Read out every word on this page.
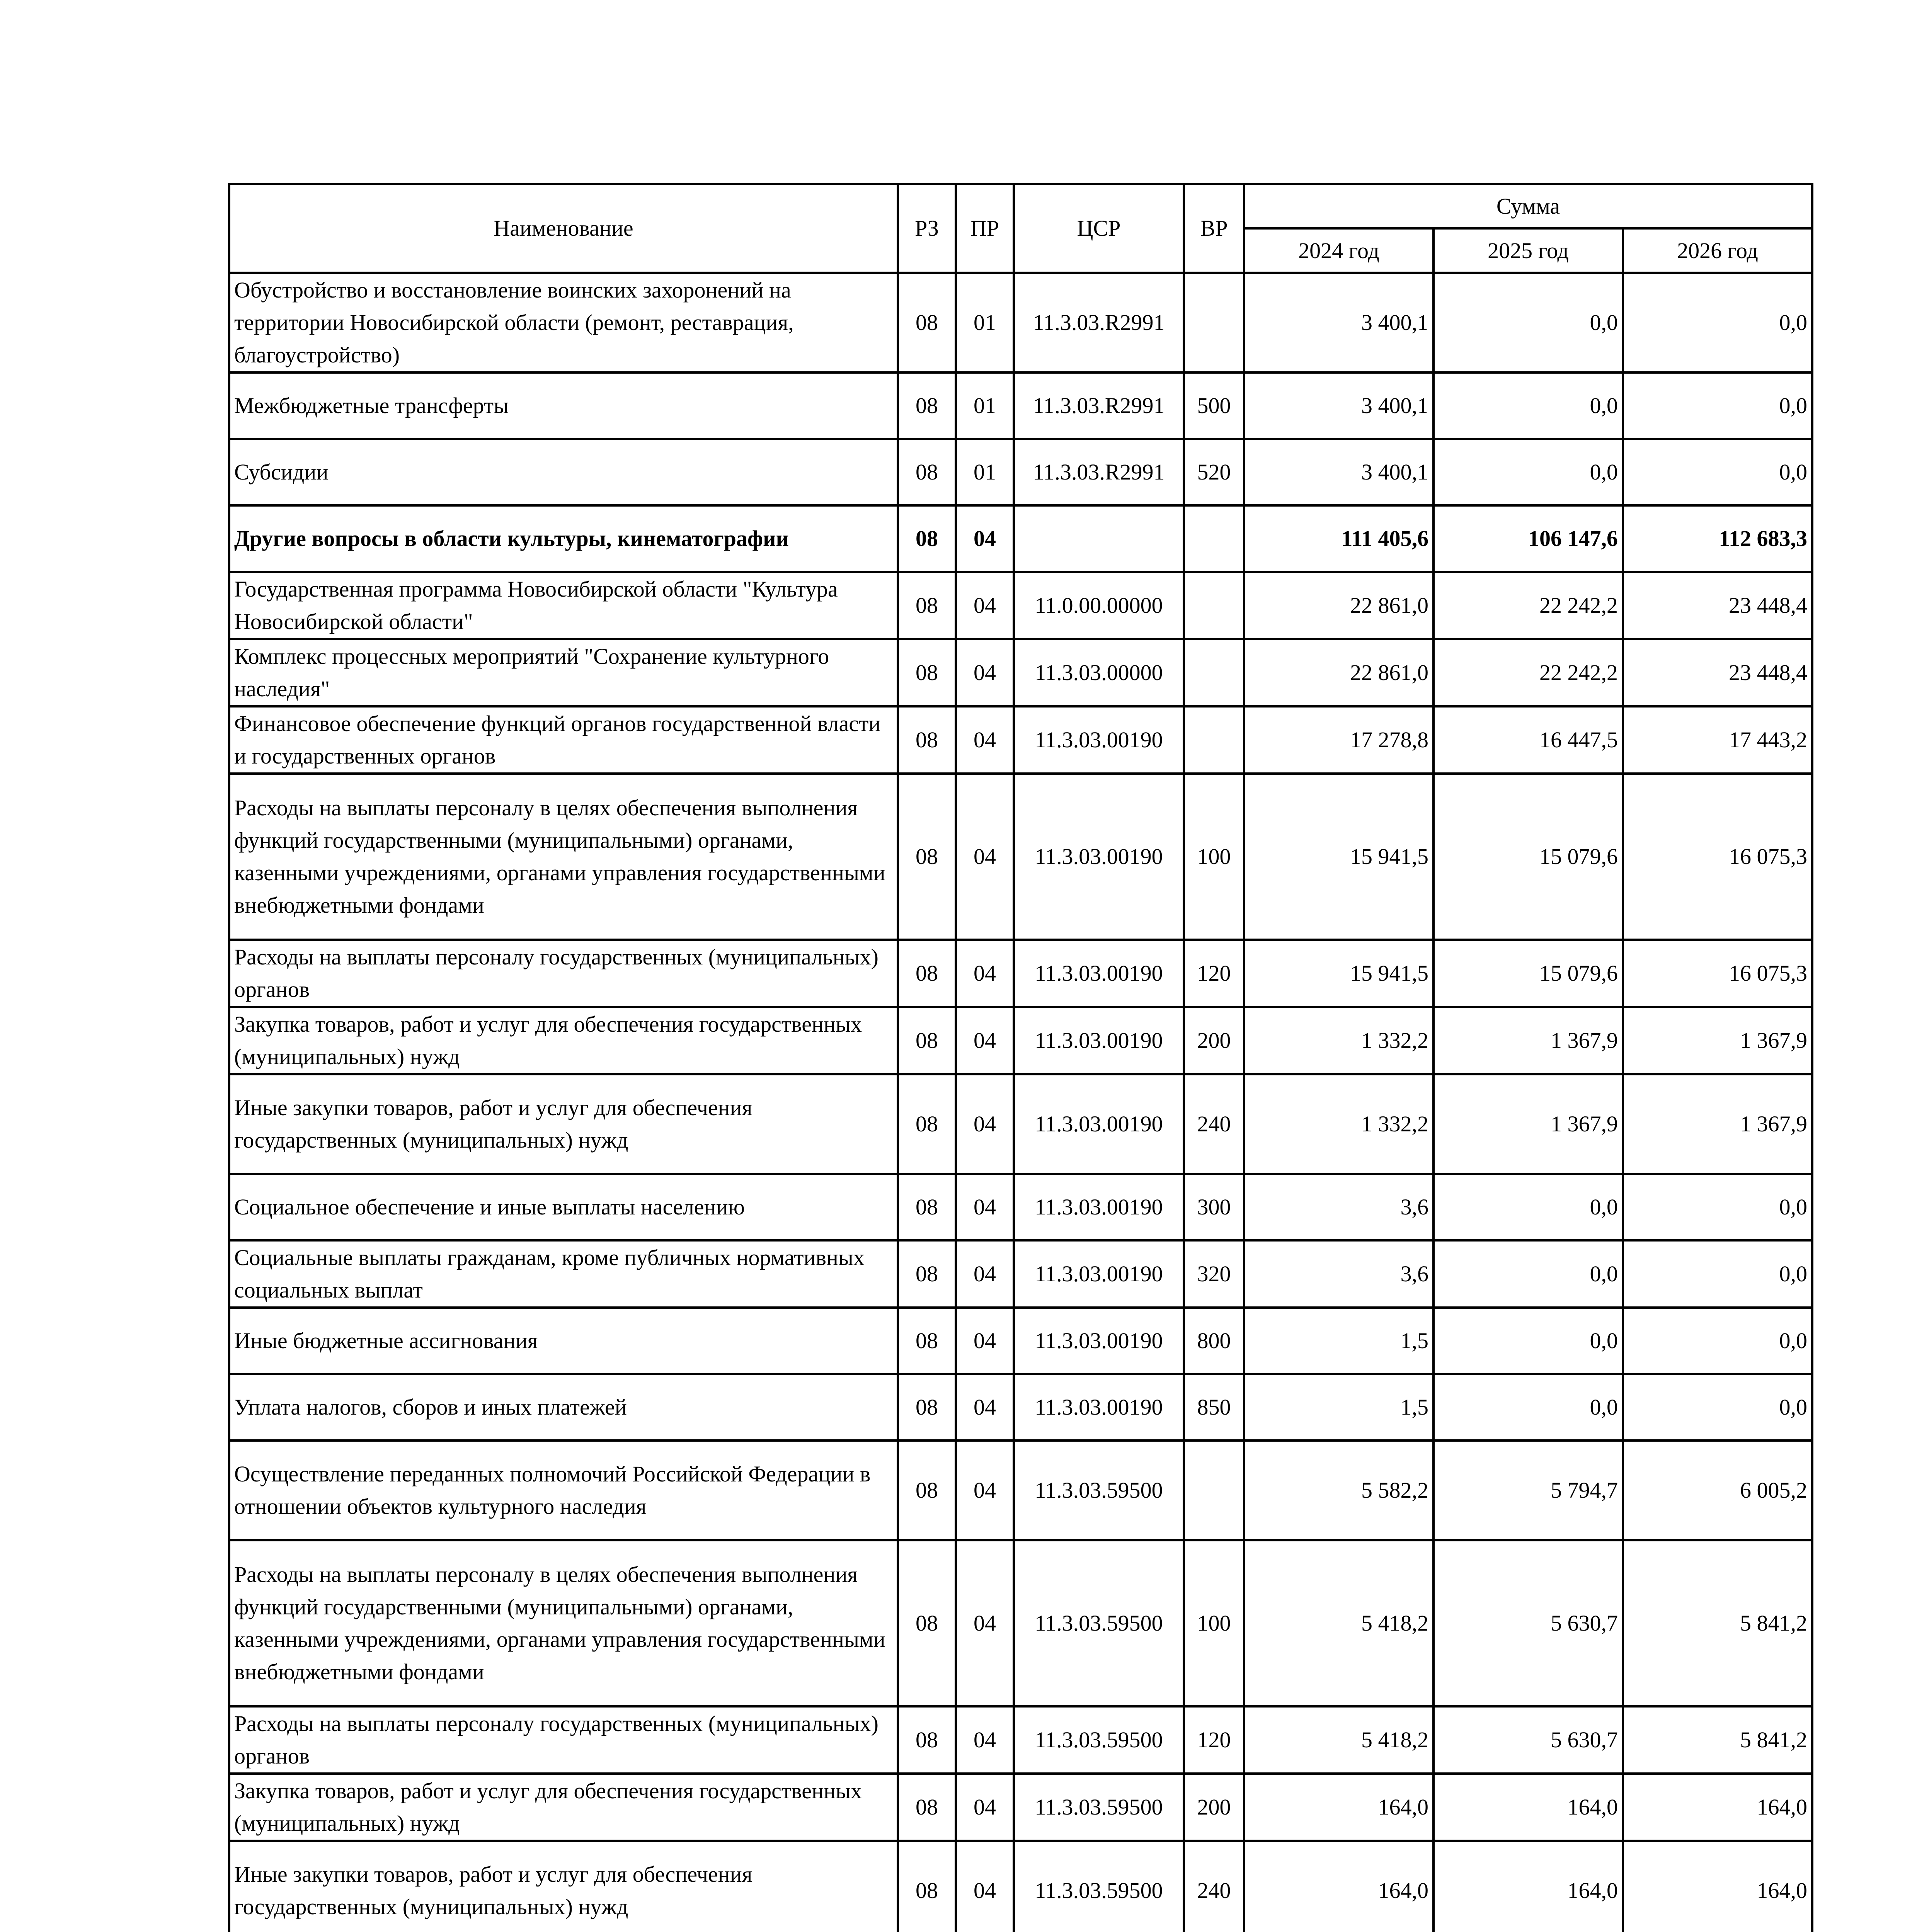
Наименование	РЗ	ПР	ЦСР	ВР	Сумма		
					2024 год	2025 год	2026 год
Обустройство и восстановление воинских захоронений на территории Новосибирской области (ремонт, реставрация, благоустройство)	08	01	11.3.03.R2991		3 400,1	0,0	0,0
Межбюджетные трансферты	08	01	11.3.03.R2991	500	3 400,1	0,0	0,0
Субсидии	08	01	11.3.03.R2991	520	3 400,1	0,0	0,0
Другие вопросы в области культуры, кинематографии	08	04			111 405,6	106 147,6	112 683,3
Государственная программа Новосибирской области "Культура Новосибирской области"	08	04	11.0.00.00000		22 861,0	22 242,2	23 448,4
Комплекс процессных мероприятий "Сохранение культурного наследия"	08	04	11.3.03.00000		22 861,0	22 242,2	23 448,4
Финансовое обеспечение функций органов государственной власти и государственных органов	08	04	11.3.03.00190		17 278,8	16 447,5	17 443,2
Расходы на выплаты персоналу в целях обеспечения выполнения функций государственными (муниципальными) органами, казенными учреждениями, органами управления государственными внебюджетными фондами	08	04	11.3.03.00190	100	15 941,5	15 079,6	16 075,3
Расходы на выплаты персоналу государственных (муниципальных) органов	08	04	11.3.03.00190	120	15 941,5	15 079,6	16 075,3
Закупка товаров, работ и услуг для обеспечения государственных (муниципальных) нужд	08	04	11.3.03.00190	200	1 332,2	1 367,9	1 367,9
Иные закупки товаров, работ и услуг для обеспечения государственных (муниципальных) нужд	08	04	11.3.03.00190	240	1 332,2	1 367,9	1 367,9
Социальное обеспечение и иные выплаты населению	08	04	11.3.03.00190	300	3,6	0,0	0,0
Социальные выплаты гражданам, кроме публичных нормативных социальных выплат	08	04	11.3.03.00190	320	3,6	0,0	0,0
Иные бюджетные ассигнования	08	04	11.3.03.00190	800	1,5	0,0	0,0
Уплата налогов, сборов и иных платежей	08	04	11.3.03.00190	850	1,5	0,0	0,0
Осуществление переданных полномочий Российской Федерации в отношении объектов культурного наследия	08	04	11.3.03.59500		5 582,2	5 794,7	6 005,2
Расходы на выплаты персоналу в целях обеспечения выполнения функций государственными (муниципальными) органами, казенными учреждениями, органами управления государственными внебюджетными фондами	08	04	11.3.03.59500	100	5 418,2	5 630,7	5 841,2
Расходы на выплаты персоналу государственных (муниципальных) органов	08	04	11.3.03.59500	120	5 418,2	5 630,7	5 841,2
Закупка товаров, работ и услуг для обеспечения государственных (муниципальных) нужд	08	04	11.3.03.59500	200	164,0	164,0	164,0
Иные закупки товаров, работ и услуг для обеспечения государственных (муниципальных) нужд	08	04	11.3.03.59500	240	164,0	164,0	164,0
